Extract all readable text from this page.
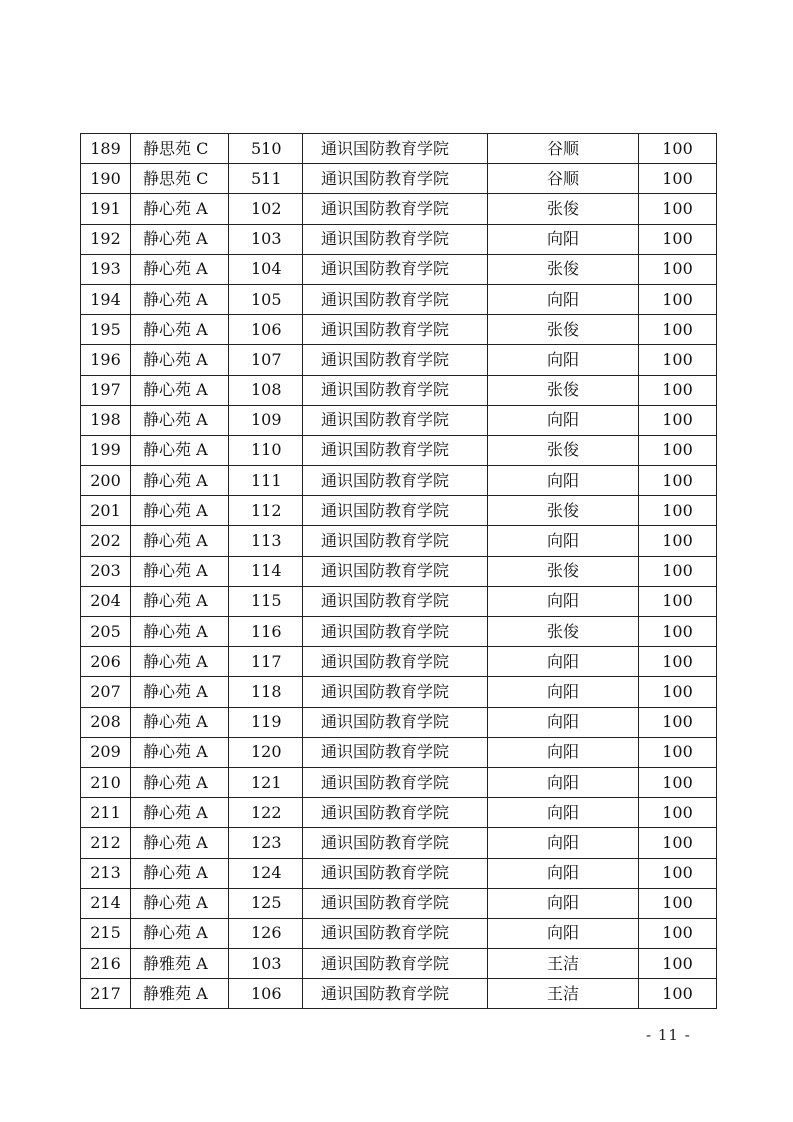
189	静思苑 C	510	通识国防教育学院	谷顺	100
190	静思苑 C	511	通识国防教育学院	谷顺	100
191	静心苑 A	102	通识国防教育学院	张俊	100
192	静心苑 A	103	通识国防教育学院	向阳	100
193	静心苑 A	104	通识国防教育学院	张俊	100
194	静心苑 A	105	通识国防教育学院	向阳	100
195	静心苑 A	106	通识国防教育学院	张俊	100
196	静心苑 A	107	通识国防教育学院	向阳	100
197	静心苑 A	108	通识国防教育学院	张俊	100
198	静心苑 A	109	通识国防教育学院	向阳	100
199	静心苑 A	110	通识国防教育学院	张俊	100
200	静心苑 A	111	通识国防教育学院	向阳	100
201	静心苑 A	112	通识国防教育学院	张俊	100
202	静心苑 A	113	通识国防教育学院	向阳	100
203	静心苑 A	114	通识国防教育学院	张俊	100
204	静心苑 A	115	通识国防教育学院	向阳	100
205	静心苑 A	116	通识国防教育学院	张俊	100
206	静心苑 A	117	通识国防教育学院	向阳	100
207	静心苑 A	118	通识国防教育学院	向阳	100
208	静心苑 A	119	通识国防教育学院	向阳	100
209	静心苑 A	120	通识国防教育学院	向阳	100
210	静心苑 A	121	通识国防教育学院	向阳	100
211	静心苑 A	122	通识国防教育学院	向阳	100
212	静心苑 A	123	通识国防教育学院	向阳	100
213	静心苑 A	124	通识国防教育学院	向阳	100
214	静心苑 A	125	通识国防教育学院	向阳	100
215	静心苑 A	126	通识国防教育学院	向阳	100
216	静雅苑 A	103	通识国防教育学院	王洁	100
217	静雅苑 A	106	通识国防教育学院	王洁	100
- 11 -
